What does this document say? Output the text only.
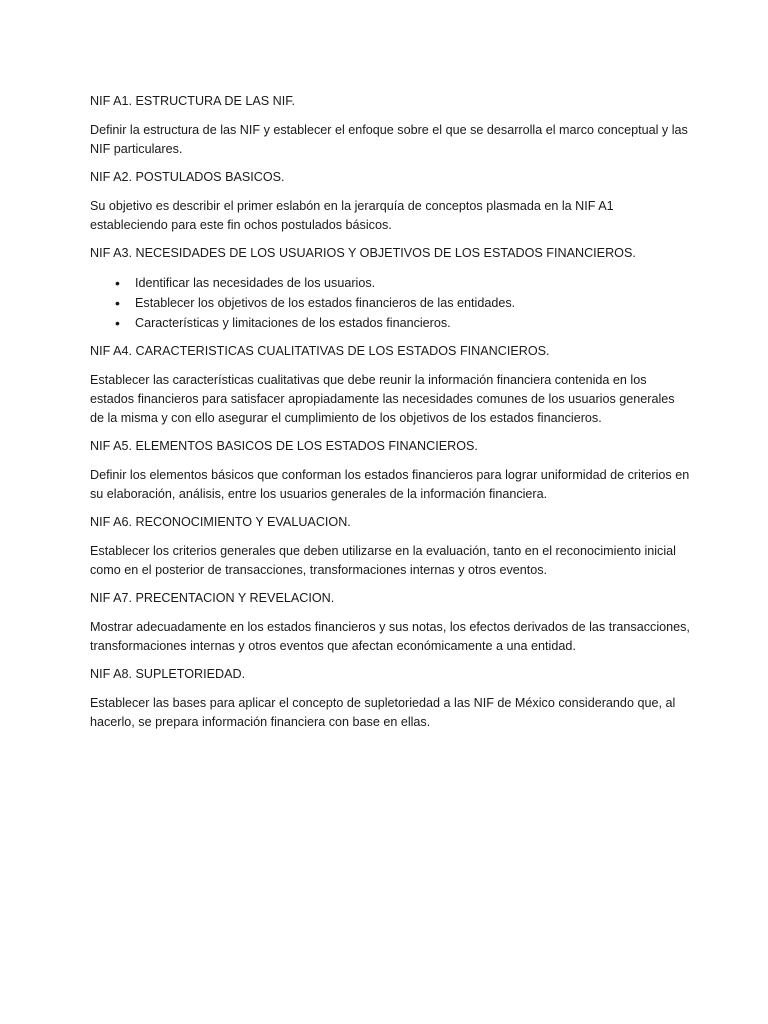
NIF A1. ESTRUCTURA DE LAS NIF.

Definir la estructura de las NIF y establecer el enfoque sobre el que se desarrolla el marco conceptual y las NIF particulares.

NIF A2. POSTULADOS BASICOS.

Su objetivo es describir el primer eslabón en la jerarquía de conceptos plasmada en la NIF A1 estableciendo para este fin ochos postulados básicos.

NIF A3. NECESIDADES DE LOS USUARIOS Y OBJETIVOS DE LOS ESTADOS FINANCIEROS.

• Identificar las necesidades de los usuarios.
• Establecer los objetivos de los estados financieros de las entidades.
• Características y limitaciones de los estados financieros.

NIF A4. CARACTERISTICAS CUALITATIVAS DE LOS ESTADOS FINANCIEROS.

Establecer las características cualitativas que debe reunir la información financiera contenida en los estados financieros para satisfacer apropiadamente las necesidades comunes de los usuarios generales de la misma y con ello asegurar el cumplimiento de los objetivos de los estados financieros.

NIF A5. ELEMENTOS BASICOS DE LOS ESTADOS FINANCIEROS.

Definir los elementos básicos que conforman los estados financieros para lograr uniformidad de criterios en su elaboración, análisis, entre los usuarios generales de la información financiera.

NIF A6. RECONOCIMIENTO Y EVALUACION.

Establecer los criterios generales que deben utilizarse en la evaluación, tanto en el reconocimiento inicial como en el posterior de transacciones, transformaciones internas y otros eventos.

NIF A7. PRECENTACION Y REVELACION.

Mostrar adecuadamente en los estados financieros y sus notas, los efectos derivados de las transacciones, transformaciones internas y otros eventos que afectan económicamente a una entidad.

NIF A8. SUPLETORIEDAD.

Establecer las bases para aplicar el concepto de supletoriedad a las NIF de México considerando que, al hacerlo, se prepara información financiera con base en ellas.
